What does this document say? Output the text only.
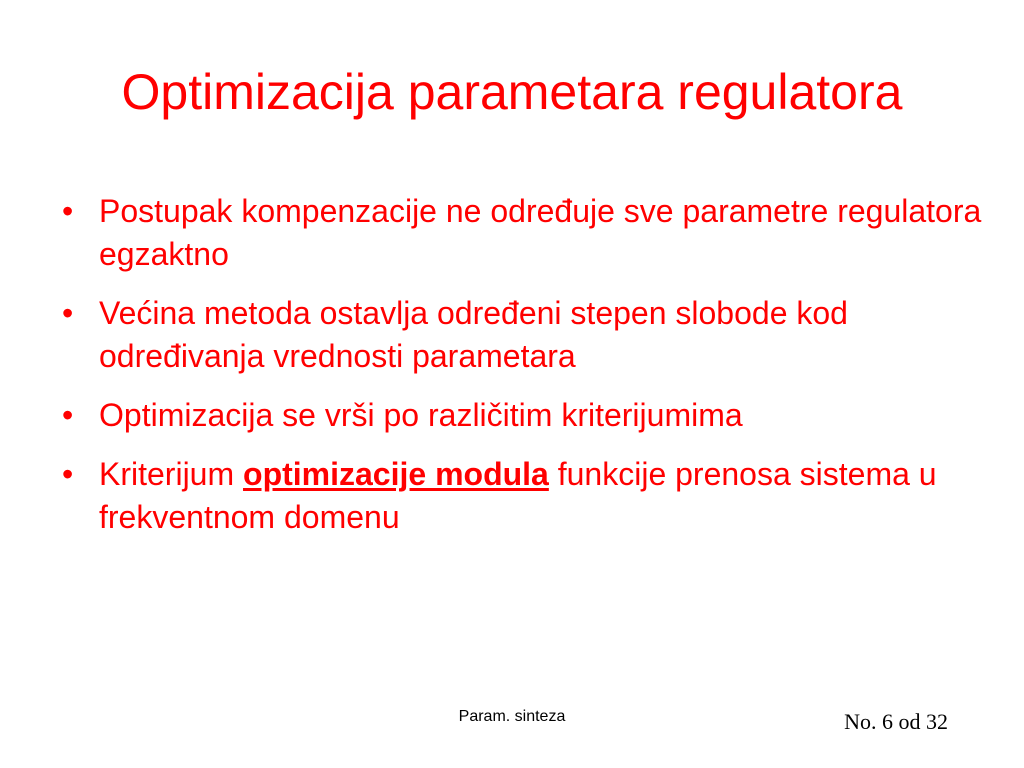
Optimizacija parametara regulatora
• Postupak kompenzacije ne određuje sve parametre regulatora egzaktno
• Većina metoda ostavlja određeni stepen slobode kod određivanja vrednosti parametara
• Optimizacija se vrši po različitim kriterijumima
• Kriterijum optimizacije modula funkcije prenosa sistema u frekventnom domenu
Param. sinteza	No. 6 od 32
